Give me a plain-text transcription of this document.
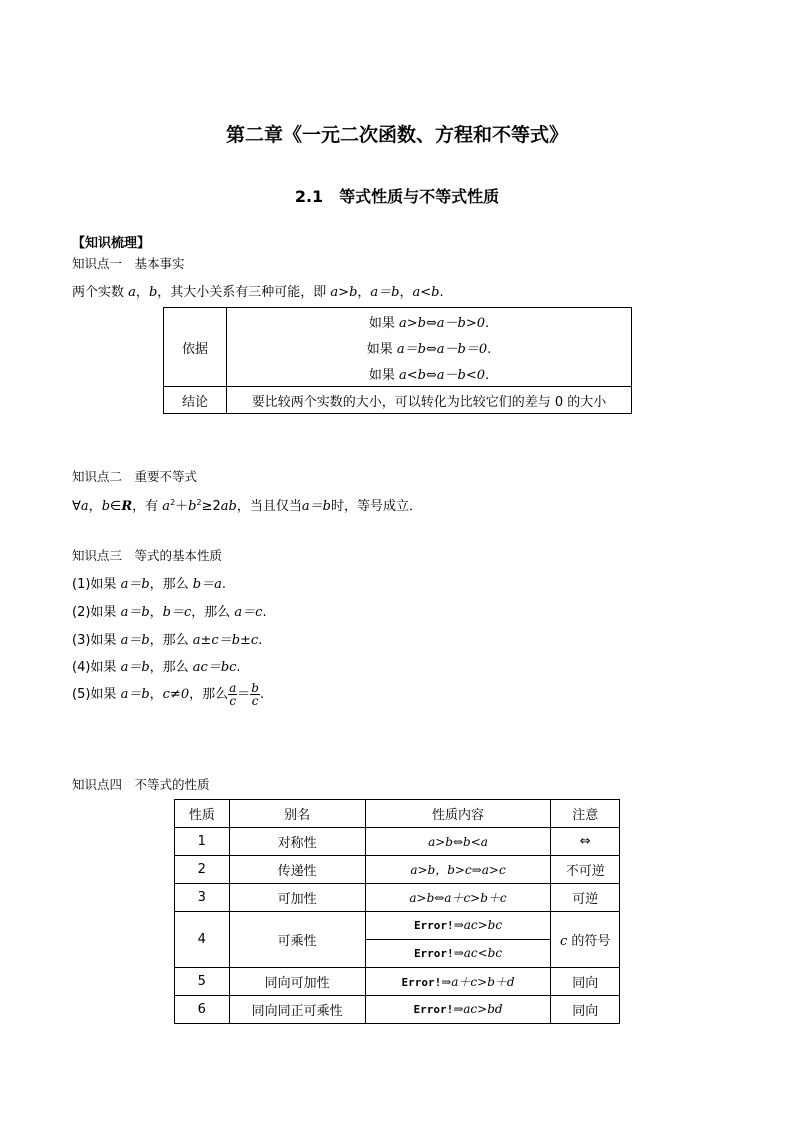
第二章《一元二次函数、方程和不等式》
2.1　等式性质与不等式性质
【知识梳理】
知识点一　基本事实
两个实数 a，b，其大小关系有三种可能，即 a>b，a＝b，a<b.
依据	如果 a>b⇔a－b>0.
	如果 a＝b⇔a－b＝0.
	如果 a<b⇔a－b<0.
结论	要比较两个实数的大小，可以转化为比较它们的差与 0 的大小
知识点二　重要不等式
∀a，b∈R，有 $a^2+b^2\ge 2ab$，当且仅当a＝b时，等号成立．
知识点三　等式的基本性质
(1)如果 a＝b，那么 b＝a.
(2)如果 a＝b，b＝c，那么 a＝c.
(3)如果 a＝b，那么 a±c＝b±c.
(4)如果 a＝b，那么 ac＝bc.
(5)如果 a＝b，c≠0，那么 $\frac{a}{c} = \frac{b}{c}$ .
知识点四　不等式的性质
性质	别名	性质内容	注意
1	对称性	a>b⇔b<a	⇔
2	传递性	a>b，b>c⇒a>c	不可逆
3	可加性	a>b⇔a＋c>b＋c	可逆
4	可乘性	Error!⇒ac>bc	c 的符号
		Error!⇒ac<bc	
5	同向可加性	Error!⇒a＋c>b＋d	同向
6	同向同正可乘性	Error!⇒ac>bd	同向
